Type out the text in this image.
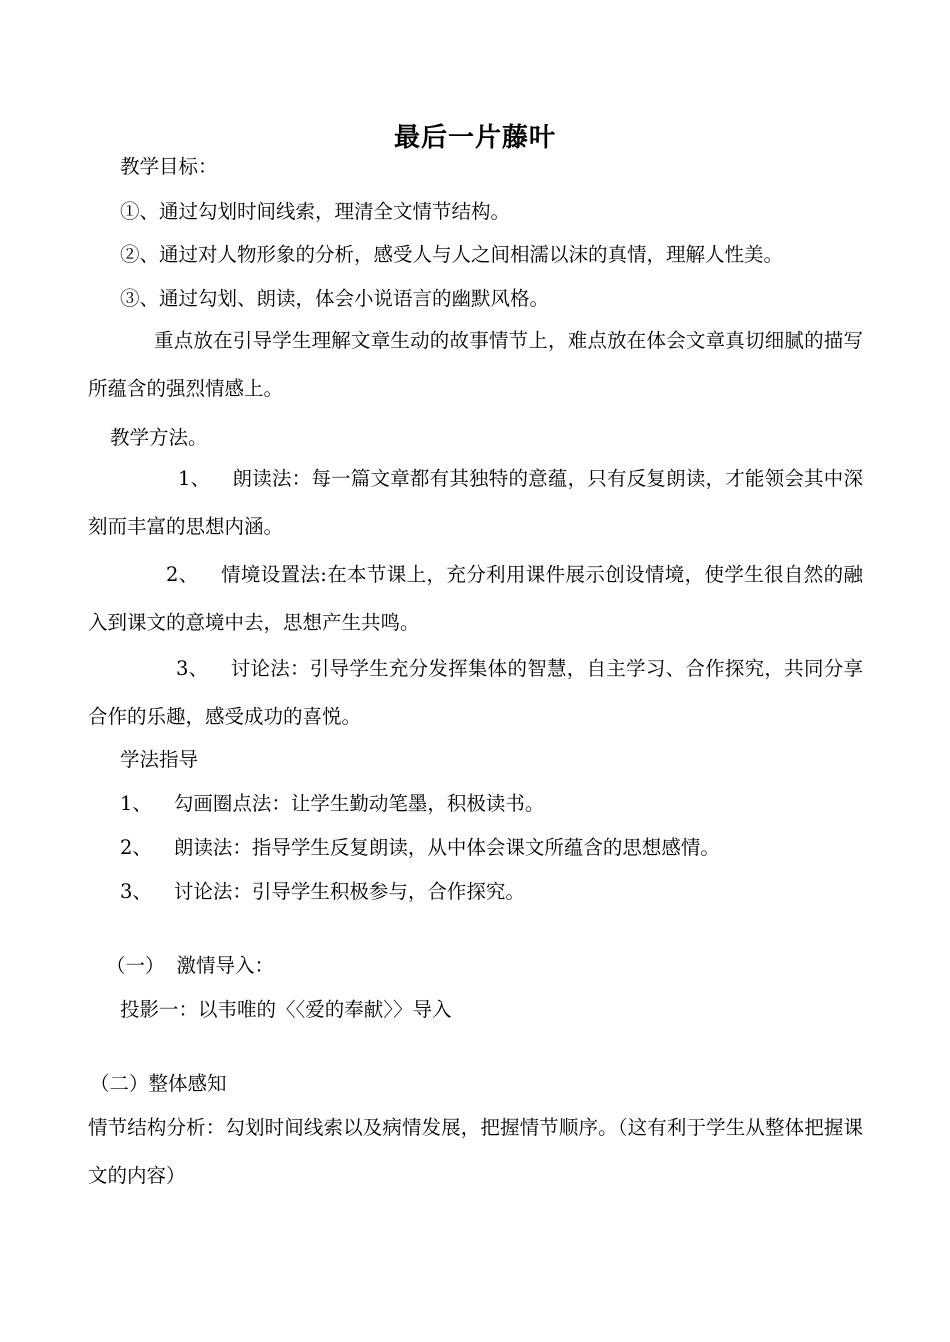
最后一片藤叶
教学目标：
①、通过勾划时间线索，理清全文情节结构。
②、通过对人物形象的分析，感受人与人之间相濡以沫的真情，理解人性美。
③、通过勾划、朗读，体会小说语言的幽默风格。
重点放在引导学生理解文章生动的故事情节上，难点放在体会文章真切细腻的描写所蕴含的强烈情感上。
教学方法。
1、 朗读法：每一篇文章都有其独特的意蕴，只有反复朗读，才能领会其中深刻而丰富的思想内涵。
2、 情境设置法:在本节课上，充分利用课件展示创设情境，使学生很自然的融入到课文的意境中去，思想产生共鸣。
3、 讨论法：引导学生充分发挥集体的智慧，自主学习、合作探究，共同分享合作的乐趣，感受成功的喜悦。
学法指导
1、 勾画圈点法：让学生勤动笔墨，积极读书。
2、 朗读法：指导学生反复朗读，从中体会课文所蕴含的思想感情。
3、 讨论法：引导学生积极参与，合作探究。
（一） 激情导入：
投影一：以韦唯的〈〈爱的奉献〉〉导入
（二）整体感知
情节结构分析：勾划时间线索以及病情发展，把握情节顺序。（这有利于学生从整体把握课文的内容）
